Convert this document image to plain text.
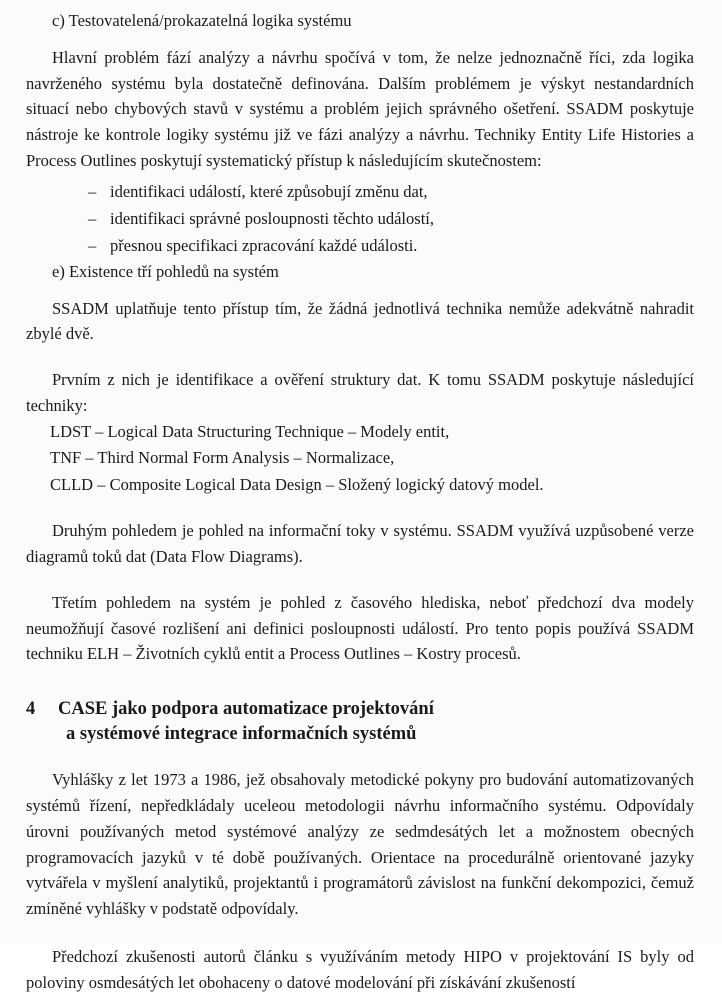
c) Testovatelená/prokazatelná logika systému

Hlavní problém fází analýzy a návrhu spočívá v tom, že nelze jednoznačně říci, zda logika navrženého systému byla dostatečně definována. Dalším problémem je výskyt nestandardních situací nebo chybových stavů v systému a problém jejich správného ošetření. SSADM poskytuje nástroje ke kontrole logiky systému již ve fázi analýzy a návrhu. Techniky Entity Life Histories a Process Outlines poskytují systematický přístup k následujícím skutečnostem:

– identifikaci událostí, které způsobují změnu dat,
– identifikaci správné posloupnosti těchto událostí,
– přesnou specifikaci zpracování každé události.

e) Existence tří pohledů na systém

SSADM uplatňuje tento přístup tím, že žádná jednotlivá technika nemůže adekvátně nahradit zbylé dvě.

Prvním z nich je identifikace a ověření struktury dat. K tomu SSADM poskytuje následující techniky:

LDST – Logical Data Structuring Technique – Modely entit,
TNF – Third Normal Form Analysis – Normalizace,
CLLD – Composite Logical Data Design – Složený logický datový model.

Druhým pohledem je pohled na informační toky v systému. SSADM využívá uzpůsobené verze diagramů toků dat (Data Flow Diagrams).

Třetím pohledem na systém je pohled z časového hlediska, neboť předchozí dva modely neumožňují časové rozlišení ani definici posloupnosti událostí. Pro tento popis používá SSADM techniku ELH – Životních cyklů entit a Process Outlines – Kostry procesů.

4	CASE jako podpora automatizace projektování
a systémové integrace informačních systémů

Vyhlášky z let 1973 a 1986, jež obsahovaly metodické pokyny pro budování automatizovaných systémů řízení, nepředkládaly uceleou metodologii návrhu informačního systému. Odpovídaly úrovni používaných metod systémové analýzy ze sedmdesátých let a možnostem obecných programovacích jazyků v té době používaných. Orientace na procedurálně orientované jazyky vytvářela v myšlení analytiků, projektantů i programátorů závislost na funkční dekompozici, čemuž zmíněné vyhlášky v podstatě odpovídaly.

Předchozí zkušenosti autorů článku s využíváním metody HIPO v projektování IS byly od poloviny osmdesátých let obohaceny o datové modelování při získávání zkušeností
